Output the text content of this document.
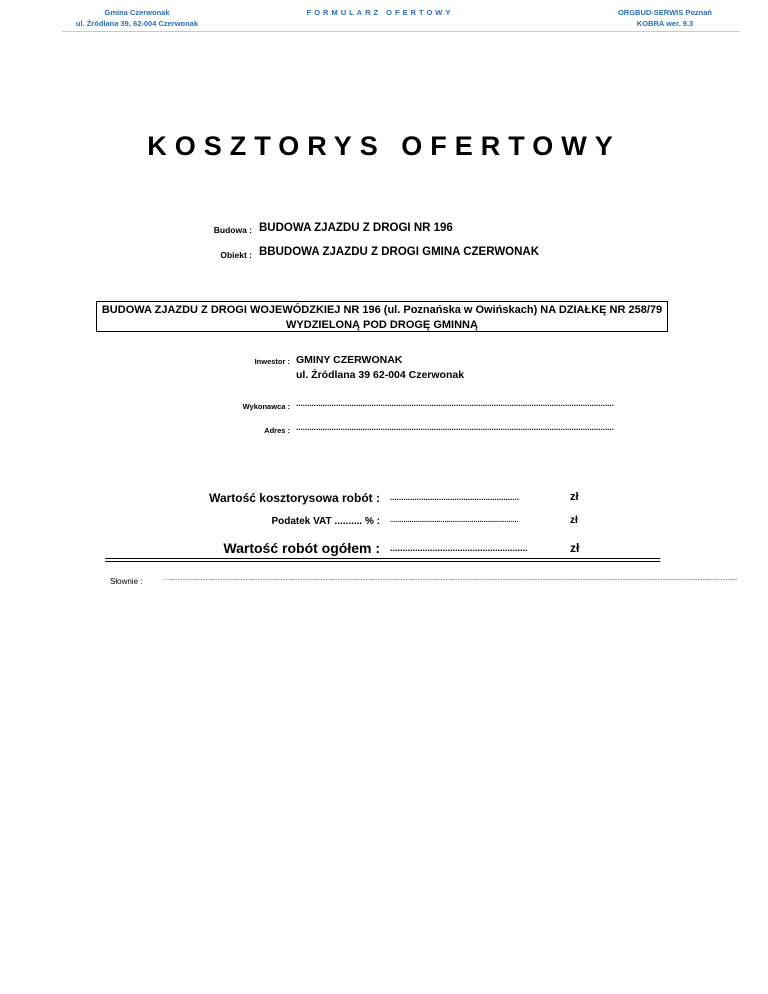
Gmina Czerwonak
ul. Źródlana 39, 62-004 Czerwonak
FORMULARZ OFERTOWY	ORGBUD-SERWIS Poznań
KOBRA wer. 9.3
KOSZTORYS OFERTOWY
Budowa : BUDOWA ZJAZDU Z DROGI NR 196
Obiekt : BBUDOWA ZJAZDU Z DROGI GMINA CZERWONAK
BUDOWA ZJAZDU Z DROGI WOJEWÓDZKIEJ NR 196 (ul. Poznańska w Owińskach) NA DZIAŁKĘ NR 258/79
WYDZIELONĄ POD DROGĘ GMINNĄ
Inwestor : GMINY CZERWONAK
ul. Źródlana 39 62-004 Czerwonak
Wykonawca : ...............................................................................................................................................
Adres : ...............................................................................................................................................
Wartość kosztorysowa robót : ..........................................................	zł
Podatek VAT .......... % : ..................................................................	zł
Wartość robót ogółem : .......................................................	zł
Słownie :	........................................................................................................................................................................................................................................................................................................................................................
